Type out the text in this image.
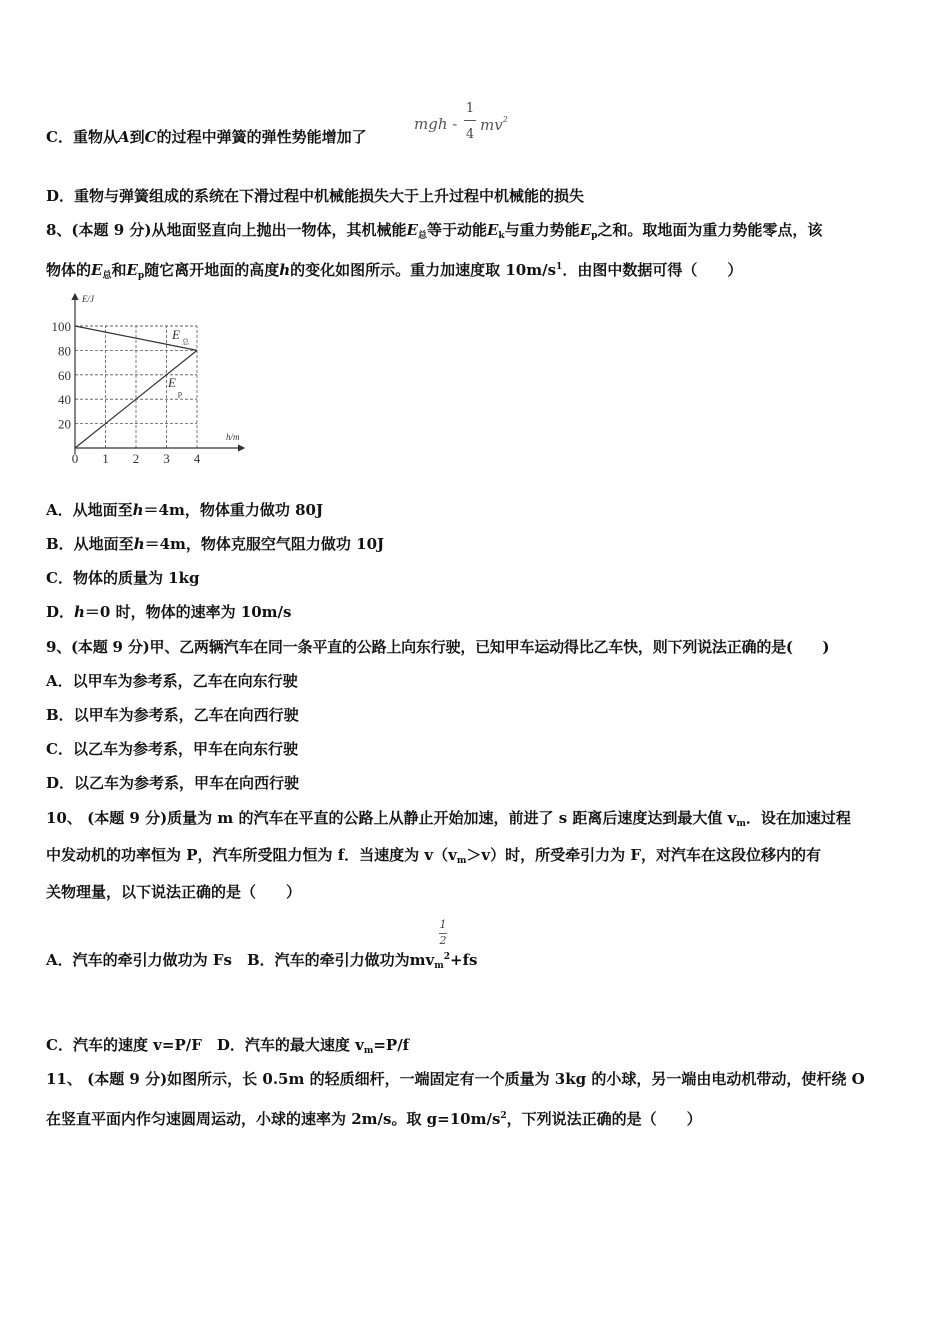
C．重物从A到C的过程中弹簧的弹性势能增加了
mgh -
1
4
$mv^2$
D．重物与弹簧组成的系统在下滑过程中机械能损失大于上升过程中机械能的损失
8、(本题 9 分)从地面竖直向上抛出一物体，其机械能$E_总$等于动能$E_k$与重力势能$E_p$之和。取地面为重力势能零点，该
物体的$E_总$和$E_p$随它离开地面的高度h的变化如图所示。重力加速度取 $10m/s^1$．由图中数据可得（　　）
E/J
h/m
100
80
60
40
20
0 1 2 3 4
E 总
E
p
A．从地面至h＝4m，物体重力做功 80J
B．从地面至h＝4m，物体克服空气阻力做功 10J
C．物体的质量为 1kg
D．h＝0 时，物体的速率为 10m/s
9、(本题 9 分)甲、乙两辆汽车在同一条平直的公路上向东行驶，已知甲车运动得比乙车快，则下列说法正确的是(　　)
A．以甲车为参考系，乙车在向东行驶
B．以甲车为参考系，乙车在向西行驶
C．以乙车为参考系，甲车在向东行驶
D．以乙车为参考系，甲车在向西行驶
10、 (本题 9 分)质量为 m 的汽车在平直的公路上从静止开始加速，前进了 s 距离后速度达到最大值 $v_m$．设在加速过程
中发动机的功率恒为 P，汽车所受阻力恒为 f．当速度为 $v(v_m>v)$时，所受牵引力为 F，对汽车在这段位移内的有
关物理量，以下说法正确的是（　　）
1
2
A．汽车的牵引力做功为 Fs　B．汽车的牵引力做功为$mv_m^2+fs$
C．汽车的速度 v=P/F　D．汽车的最大速度 $v_m=P/f$
11、 (本题 9 分)如图所示，长 0.5m 的轻质细杆，一端固定有一个质量为 3kg 的小球，另一端由电动机带动，使杆绕 O
在竖直平面内作匀速圆周运动，小球的速率为 2m/s。取 $g=10m/s^2$，下列说法正确的是（　　）
